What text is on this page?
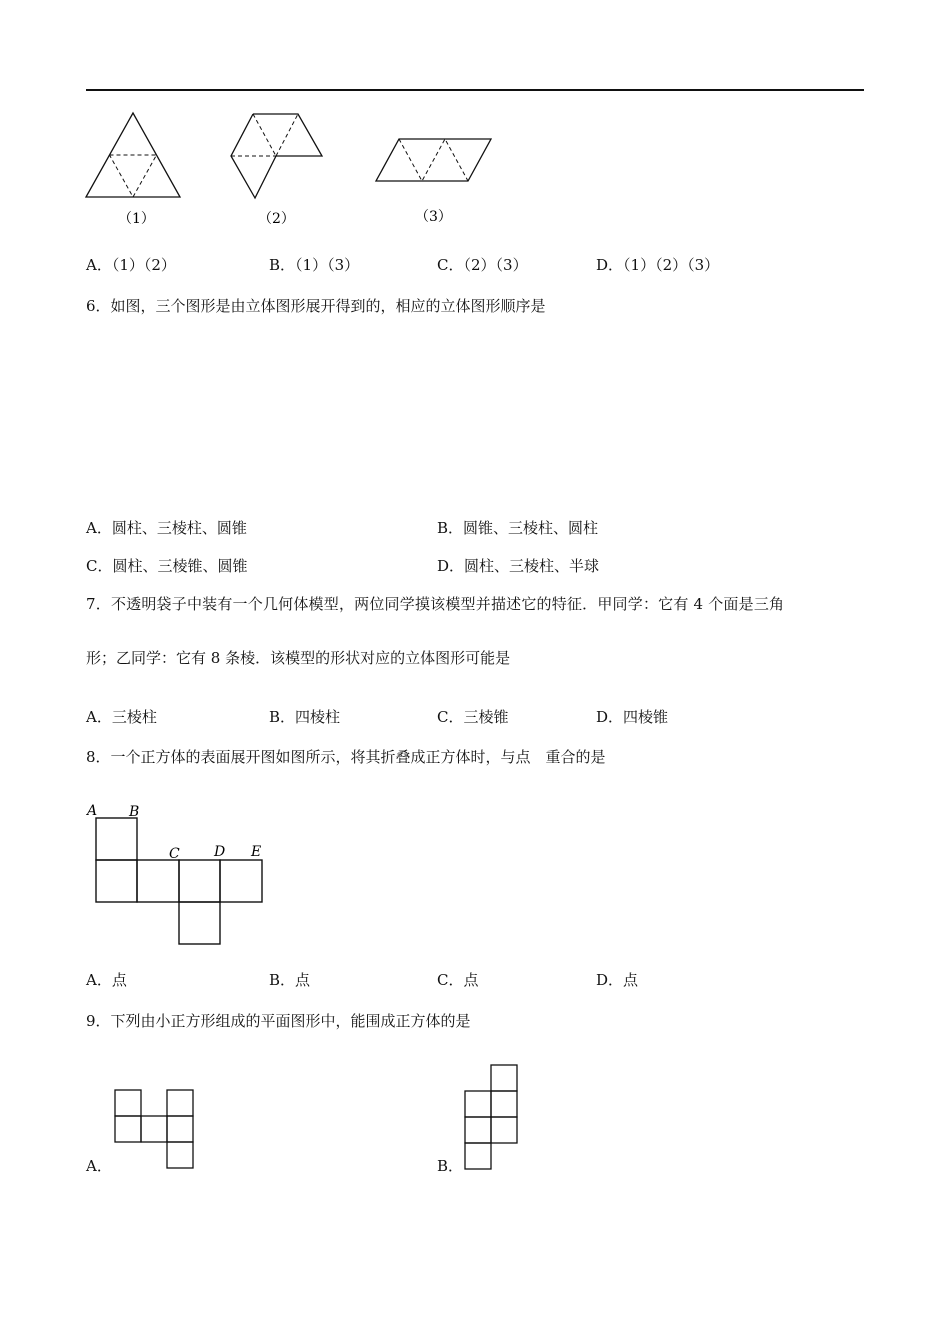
（1）	（2）	（3）
A．（1）（2）	B．（1）（3）	C．（2）（3）	D．（1）（2）（3）
6．如图，三个图形是由立体图形展开得到的，相应的立体图形顺序是
A．圆柱、三棱柱、圆锥	B．圆锥、三棱柱、圆柱
C．圆柱、三棱锥、圆锥	D．圆柱、三棱柱、半球
7．不透明袋子中装有一个几何体模型，两位同学摸该模型并描述它的特征．甲同学：它有 4 个面是三角
形；乙同学：它有 8 条棱．该模型的形状对应的立体图形可能是
A．三棱柱	B．四棱柱	C．三棱锥	D．四棱锥
8．一个正方体的表面展开图如图所示，将其折叠成正方体时，与点　重合的是
A B
C D E
A．点	B．点	C．点	D．点
9．下列由小正方形组成的平面图形中，能围成正方体的是
A．	B．
